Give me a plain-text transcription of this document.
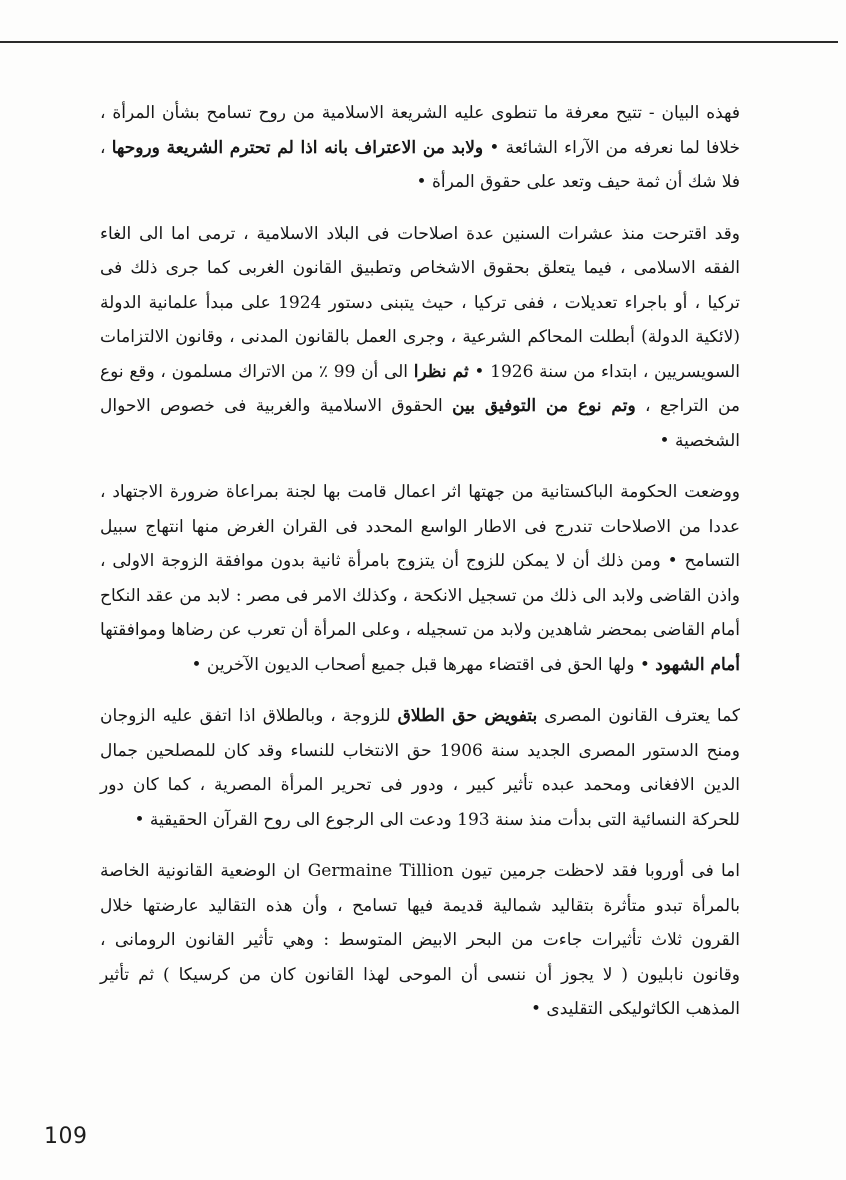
فهذه البيان - تتيح معرفة ما تنطوى عليه الشريعة الاسلامية من روح تسامح بشأن المرأة ، خلافا لما نعرفه من الآراء الشائعة • ولابد من الاعتراف بانه اذا لم تحترم الشريعة وروحها ، فلا شك أن ثمة حيف وتعد على حقوق المرأة •

وقد اقترحت منذ عشرات السنين عدة اصلاحات فى البلاد الاسلامية ، ترمى اما الى الغاء الفقه الاسلامى ، فيما يتعلق بحقوق الاشخاص وتطبيق القانون الغربى كما جرى ذلك فى تركيا ، أو باجراء تعديلات ، ففى تركيا ، حيث يتبنى دستور 1924 على مبدأ علمانية الدولة (لائكية الدولة) أبطلت المحاكم الشرعية ، وجرى العمل بالقانون المدنى ، وقانون الالتزامات السويسريين ، ابتداء من سنة 1926 • ثم نظرا الى أن 99 ٪ من الاتراك مسلمون ، وقع نوع من التراجع ، وتم نوع من التوفيق بين الحقوق الاسلامية والغربية فى خصوص الاحوال الشخصية •

ووضعت الحكومة الباكستانية من جهتها اثر اعمال قامت بها لجنة بمراعاة ضرورة الاجتهاد ، عددا من الاصلاحات تندرج فى الاطار الواسع المحدد فى القران الغرض منها انتهاج سبيل التسامح • ومن ذلك أن لا يمكن للزوج أن يتزوج بامرأة ثانية بدون موافقة الزوجة الاولى ، واذن القاضى ولابد الى ذلك من تسجيل الانكحة ، وكذلك الامر فى مصر : لابد من عقد النكاح أمام القاضى بمحضر شاهدين ولابد من تسجيله ، وعلى المرأة أن تعرب عن رضاها وموافقتها أمام الشهود • ولها الحق فى اقتضاء مهرها قبل جميع أصحاب الديون الآخرين •

كما يعترف القانون المصرى بتفويض حق الطلاق للزوجة ، وبالطلاق اذا اتفق عليه الزوجان ومنح الدستور المصرى الجديد سنة 1906 حق الانتخاب للنساء وقد كان للمصلحين جمال الدين الافغانى ومحمد عبده تأثير كبير ، ودور فى تحرير المرأة المصرية ، كما كان دور للحركة النسائية التى بدأت منذ سنة 193 ودعت الى الرجوع الى روح القرآن الحقيقية •

اما فى أوروبا فقد لاحظت جرمين تيون Germaine Tillion ان الوضعية القانونية الخاصة بالمرأة تبدو متأثرة بتقاليد شمالية قديمة فيها تسامح ، وأن هذه التقاليد عارضتها خلال القرون ثلاث تأثيرات جاءت من البحر الابيض المتوسط : وهي تأثير القانون الرومانى ، وقانون نابليون ( لا يجوز أن ننسى أن الموحى لهذا القانون كان من كرسيكا ) ثم تأثير المذهب الكاثوليكى التقليدى •

109
